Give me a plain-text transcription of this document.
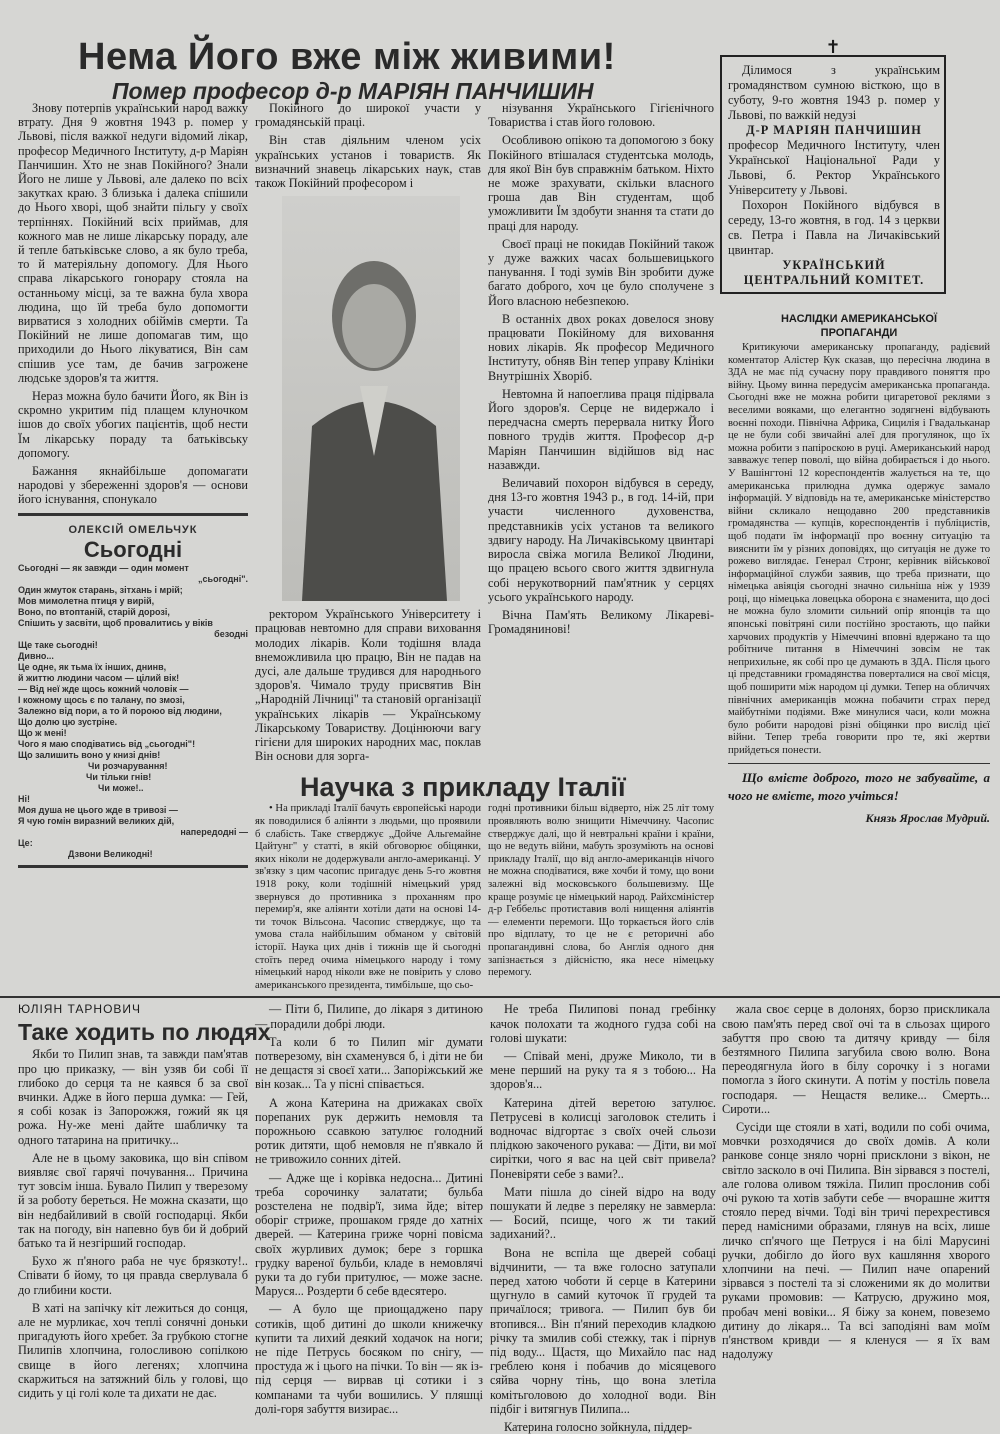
Нема Його вже між живими!
Помер професор д-р МАРІЯН ПАНЧИШИН

Знову потерпів український народ важку втрату. Дня 9 жовтня 1943 р. помер у Львові, після важкої недуги відомий лікар, професор Медичного Інституту, д-р Маріян Панчишин. Хто не знав Покійного? Знали Його не лише у Львові, але далеко по всіх закутках краю. З близька і далека спішили до Нього хворі, щоб знайти пільгу у своїх терпіннях. Покійний всіх приймав, для кожного мав не лише лікарську пораду, але й тепле батьківське слово, а як було треба, то й матеріяльну допомогу. Для Нього справа лікарського гонорару стояла на останньому місці, за те важна була хвора людина, що їй треба було допомогти вирватися з холодних обіймів смерти. Та Покійний не лише допомагав тим, що приходили до Нього лікуватися, Він сам спішив усе там, де бачив загрожене людське здоров'я та життя.

Нераз можна було бачити Його, як Він із скромно укритим під плащем клуночком ішов до своїх убогих пацієнтів, щоб нести Їм лікарську пораду та батьківську допомогу.

Бажання якнайбільше допомагати народові у збереженні здоров'я — основи його існування, спонукало

ОЛЕКСІЙ ОМЕЛЬЧУК
Сьогодні
Сьогодні — як завжди — один момент
„сьогодні".
Один жмуток старань, зітхань і мрій;
Мов мимолетна птиця у вирій,
Воно, по втоптаній, старій дорозі,
Спішить у засвіти, щоб провалитись у віків
безодні
Ще таке сьогодні!
Дивно...
Це одне, як тьма їх інших, днинв,
й життю людини часом — цілий вік!
— Від неї жде щось кожний чоловік —
І кожному щось є по талану, по змозі,
Залежно від пори, а то й пороюо від людини,
Що долю цю зустріне.
Що ж мені!
Чого я маю сподіватись від „сьогодні"!
Що залишить воно у книзі днів!
Чи розчарування!
Чи тільки гнів!
Чи може!..
Ні!
Моя душа не цього жде в тривозі —
Я чую гомін виразний великих дій,
напередодні —
Це:
Дзвони Великодні!

Покійного до широкої участи у громадянській праці.

Він став діяльним членом усіх українських установ і товариств. Як визначний знавець лікарських наук, став також Покійний професором і

ректором Українського Університету і працював невтомно для справи виховання молодих лікарів. Коли тодішня влада внеможливила цю працю, Він не падав на дусі, але дальше трудився для народнього здоров'я. Чимало труду присвятив Він „Народній Лічниці" та становій організації українських лікарів — Українському Лікарському Товариству. Доцінюючи вагу гігієни для широких народних мас, поклав Він основи для зорга-

нізування Українського Гігієнічного Товариства і став його головою.

Особливою опікою та допомогою з боку Покійного втішалася студентська молодь, для якої Він був справжнім батьком. Ніхто не може зрахувати, скільки власного гроша дав Він студентам, щоб уможливити Їм здобути знання та стати до праці для народу.

Своєї праці не покидав Покійний також у дуже важких часах большевицького панування. І тоді зумів Він зробити дуже багато доброго, хоч це було сполучене з Його власною небезпекою.

В останніх двох роках довелося знову працювати Покійному для виховання нових лікарів. Як професор Медичного Інституту, обняв Він тепер управу Клініки Внутрішніх Хворіб.

Невтомна й напоеглива праця підірвала Його здоров'я. Серце не видержало і передчасна смерть перервала нитку Його повного трудів життя. Професор д-р Маріян Панчишин відійшов від нас назавжди.

Величавий похорон відбувся в середу, дня 13-го жовтня 1943 р., в год. 14-ій, при участи численного духовенства, представників усіх установ та великого здвигу народу. На Личаківському цвинтарі виросла свіжа могила Великої Людини, що працею всього свого життя здвигнула собі нерукотворний пам'ятник у серцях усього українського народу.

Вічна Пам'ять Великому Лікареві-Громадянинові!

Научка з прикладу Італії

• На прикладі Італії бачуть європейські народи як поводилися б аліянти з людьми, що проявили б слабість. Таке стверджує „Дойче Альгемайне Цайтунг" у статті, в якій обговорює обіцянки, яких ніколи не додержували англо-американці. У зв'язку з цим часопис пригадує день 5-го жовтня 1918 року, коли тодішній німецький уряд звернувся до противника з проханням про перемир'я, яке аліянти хотіли дати на основі 14-ти точок Вільсона. Часопис стверджує, що та умова стала найбільшим обманом у світовій історії. Наука цих днів і тижнів ще й сьогодні стоїть перед очима німецького народу і тому німецький народ ніколи вже не повірить у слово американського президента, тимбільше, що сьо-

годні противники більш відверто, ніж 25 літ тому проявляють волю знищити Німеччину. Часопис стверджує далі, що й невтральні країни і країни, що не ведуть війни, мабуть зрозуміють на основі прикладу Італії, що від англо-американців нічого не можна сподіватися, вже хочби й тому, що вони залежні від московського большевизму. Ще краще розуміє це німецький народ. Райхсміністер д-р Геббельс протиставив волі нищення аліянтів — елементи перемоги. Що торкається його слів про відплату, то це не є реторичні або пропагандивні слова, бо Англія одного дня запізнається з дійсністю, яка несе німецьку перемогу.

✝
Ділимося з українським громадянством сумною вісткою, що в суботу, 9-го жовтня 1943 р. помер у Львові, по важкій недузі
Д-Р МАРІЯН ПАНЧИШИН
професор Медичного Інституту, член Української Національної Ради у Львові, б. Ректор Українського Університету у Львові.
Похорон Покійного відбувся в середу, 13-го жовтня, в год. 14 з церкви св. Петра і Павла на Личаківський цвинтар.
УКРАЇНСЬКИЙ ЦЕНТРАЛЬНИЙ КОМІТЕТ.
НАСЛІДКИ АМЕРИКАНСЬКОЇ ПРОПАГАНДИ

Критикуючи американську пропаганду, радієвий коментатор Алістер Кук сказав, що пересічна людина в ЗДА не має під сучасну пору правдивого поняття про війну. Цьому винна передусім американська пропаганда. Сьогодні вже не можна робити цигаретової реклями з веселими вояками, що елегантно зодягнені відбувають воєнні походи. Північна Африка, Сицилія і Гвадальканар це не були собі звичайні алеї для прогулянок, що їх можна робити з папіроскою в руці. Американський народ завважує тепер поволі, що війна добирається і до нього. У Вашінгтоні 12 кореспондентів жалується на те, що американська прилюдна думка одержує замало інформацій. У відповідь на те, американське міністерство війни скликало нещодавно 200 представників громадянства — купців, кореспондентів і публіцистів, щоб подати їм інформації про воєнну ситуацію та вияснити їм у різних доповідях, що ситуація не дуже то рожево виглядає. Генерал Стронг, керівник військової інформаційної служби заявив, що треба признати, що німецька авіяція сьогодні значно сильніша ніж у 1939 році, що німецька ловецька оборона є знаменита, що досі не можна було зломити сильний опір японців та що японські повітряні сили постійно зростають, що пайки харчових продуктів у Німеччині вповні вдержано та що робітниче питання в Німеччині зовсім не так неприхильне, як собі про це думають в ЗДА. Після цього ці представники громадянства поверталися на свої місця, щоб поширити між народом ці думки. Тепер на обличчях північних американців можна побачити страх перед майбутніми подіями. Вже минулися часи, коли можна було робити народові різні обіцянки про вислід цієї війни. Тепер треба говорити про те, які жертви прийдеться понести.

Що вмієте доброго, того не забувайте, а чого не вмієте, того учіться!
Князь Ярослав Мудрий.
ЮЛІЯН ТАРНОВИЧ
Таке ходить по людях

Якби то Пилип знав, та завжди пам'ятав про цю приказку, — він узяв би собі її глибоко до серця та не каявся б за свої вчинки. Адже в його перша думка: — Гей, я собі козак із Запорожжя, гожий як ця рожа. Ну-же мені дайте шабличку та одного татарина на притичку...

Але не в цьому заковика, що він співом виявляє свої гарячі почування... Причина тут зовсім інша. Бувало Пилип у тверезому й за роботу береться. Не можна сказати, що він недбайливий в своїй господарці. Якби так на погоду, він напевно був би й добрий батько та й незгірший господар.

Бухо ж п'яного раба не чує брязкоту!.. Співати б йому, то ця правда сверлувала б до глибини кости.

В хаті на запічку кіт лежиться до сонця, але не мурликає, хоч теплі сонячні доньки пригадують його хребет. За грубкою стогне Пилипів хлопчина, голосливою сопілкою свище в його легенях; хлопчина скаржиться на затяжний біль у голові, що сидить у ці голі коле та дихати не дає.

— Піти б, Пилипе, до лікаря з дитиною — порадили добрі люди.

Та коли б то Пилип міг думати потверезому, він схаменувся б, і діти не би не дещастя зі своєї хати... Запоріжський же він козак... Та у пісні співається.

А жона Катерина на дрижаках своїх порепаних рук держить немовля та порожньою ссавкою затулює голодний ротик дитяти, щоб немовля не п'явкало й не тривожило сонних дітей.

— Адже ще і корівка недосна... Дитині треба сорочинку залатати; бульба розстелена не подвір'ї, зима йде; вітер оборіг стриже, прошаком гряде до хатніх дверей. — Катерина гриже чорні повісма своїх журливих думок; бере з горшка грудку вареної бульби, кладе в немовлячі руки та до губи притулює, — може засне. Маруся... Роздерти б себе вдесятеро.

— А було ще приощаджено пару сотиків, щоб дитині до школи книжечку купити та лихий деякий ходачок на ноги; не піде Петрусь босяком по снігу, — простуда ж і цього на пічки. То він — як із-під серця — вирвав ці сотики і з компанами та чуби вошились. У пляшці долі-горя забуття визирає...

Не треба Пилипові понад гребінку качок полохати та жодного гудза собі на голові шукати:

— Співай мені, друже Миколо, ти в мене перший на руку та я з тобою... На здоров'я...

Катерина дітей веретою затулює. Петрусеві в колисці заголовок стелить і водночас відгортає з своїх очей сльози плідкою закоченого рукава: — Діти, ви мої сирітки, чого я вас на цей світ привела? Поневіряти себе з вами?..

Мати пішла до сіней відро на воду пошукати й ледве з переляку не завмерла: — Босий, псище, чого ж ти такий задиханий?..

Вона не вспіла ще дверей собаці відчинити, — та вже голосно затупали перед хатою чоботи й серце в Катерини щугнуло в самий куточок її грудей та причаїлося; тривога. — Пилип був би втопився... Він п'яний переходив кладкою річку та змилив собі стежку, так і пірнув під воду... Щастя, що Михайло пас над греблею коня і побачив до місяцевого сяйва чорну тінь, що вона злетіла комітьголовою до холодної води. Він підбіг і витягнув Пилипа...

Катерина голосно зойкнула, піддер-

жала своє серце в долонях, борзо прискликала свою пам'ять перед свої очі та в сльозах щирого забуття про свою та дитячу кривду — біля безтямного Пилипа загубила свою волю. Вона переодягнула його в білу сорочку і з ногами помогла з його скинути. А потім у постіль повела господаря. — Нещастя велике... Смерть... Сироти...

Сусіди ще стояли в хаті, водили по собі очима, мовчки розходячися до своїх домів. А коли ранкове сонце зняло чорні присклони з вікон, не світло засколо в очі Пилипа. Він зірвався з постелі, але голова оливом тяжіла. Пилип прослонив собі очі рукою та хотів забути себе — вчорашне життя стояло перед вічми. Тоді він тричі перехрестився перед намісними образами, глянув на всіх, лише личко сп'ячого ще Петруся і на білі Марусині ручки, добігло до його вух кашляння хворого хлопчини на печі. — Пилип наче опарений зірвався з постелі та зі сложеними як до молитви руками промовив: — Катрусю, дружино моя, пробач мені вовіки... Я біжу за конем, повеземо дитину до лікаря... Та всі заподіяні вам моїм п'янством кривди — я кленуся — я їх вам надолужу
